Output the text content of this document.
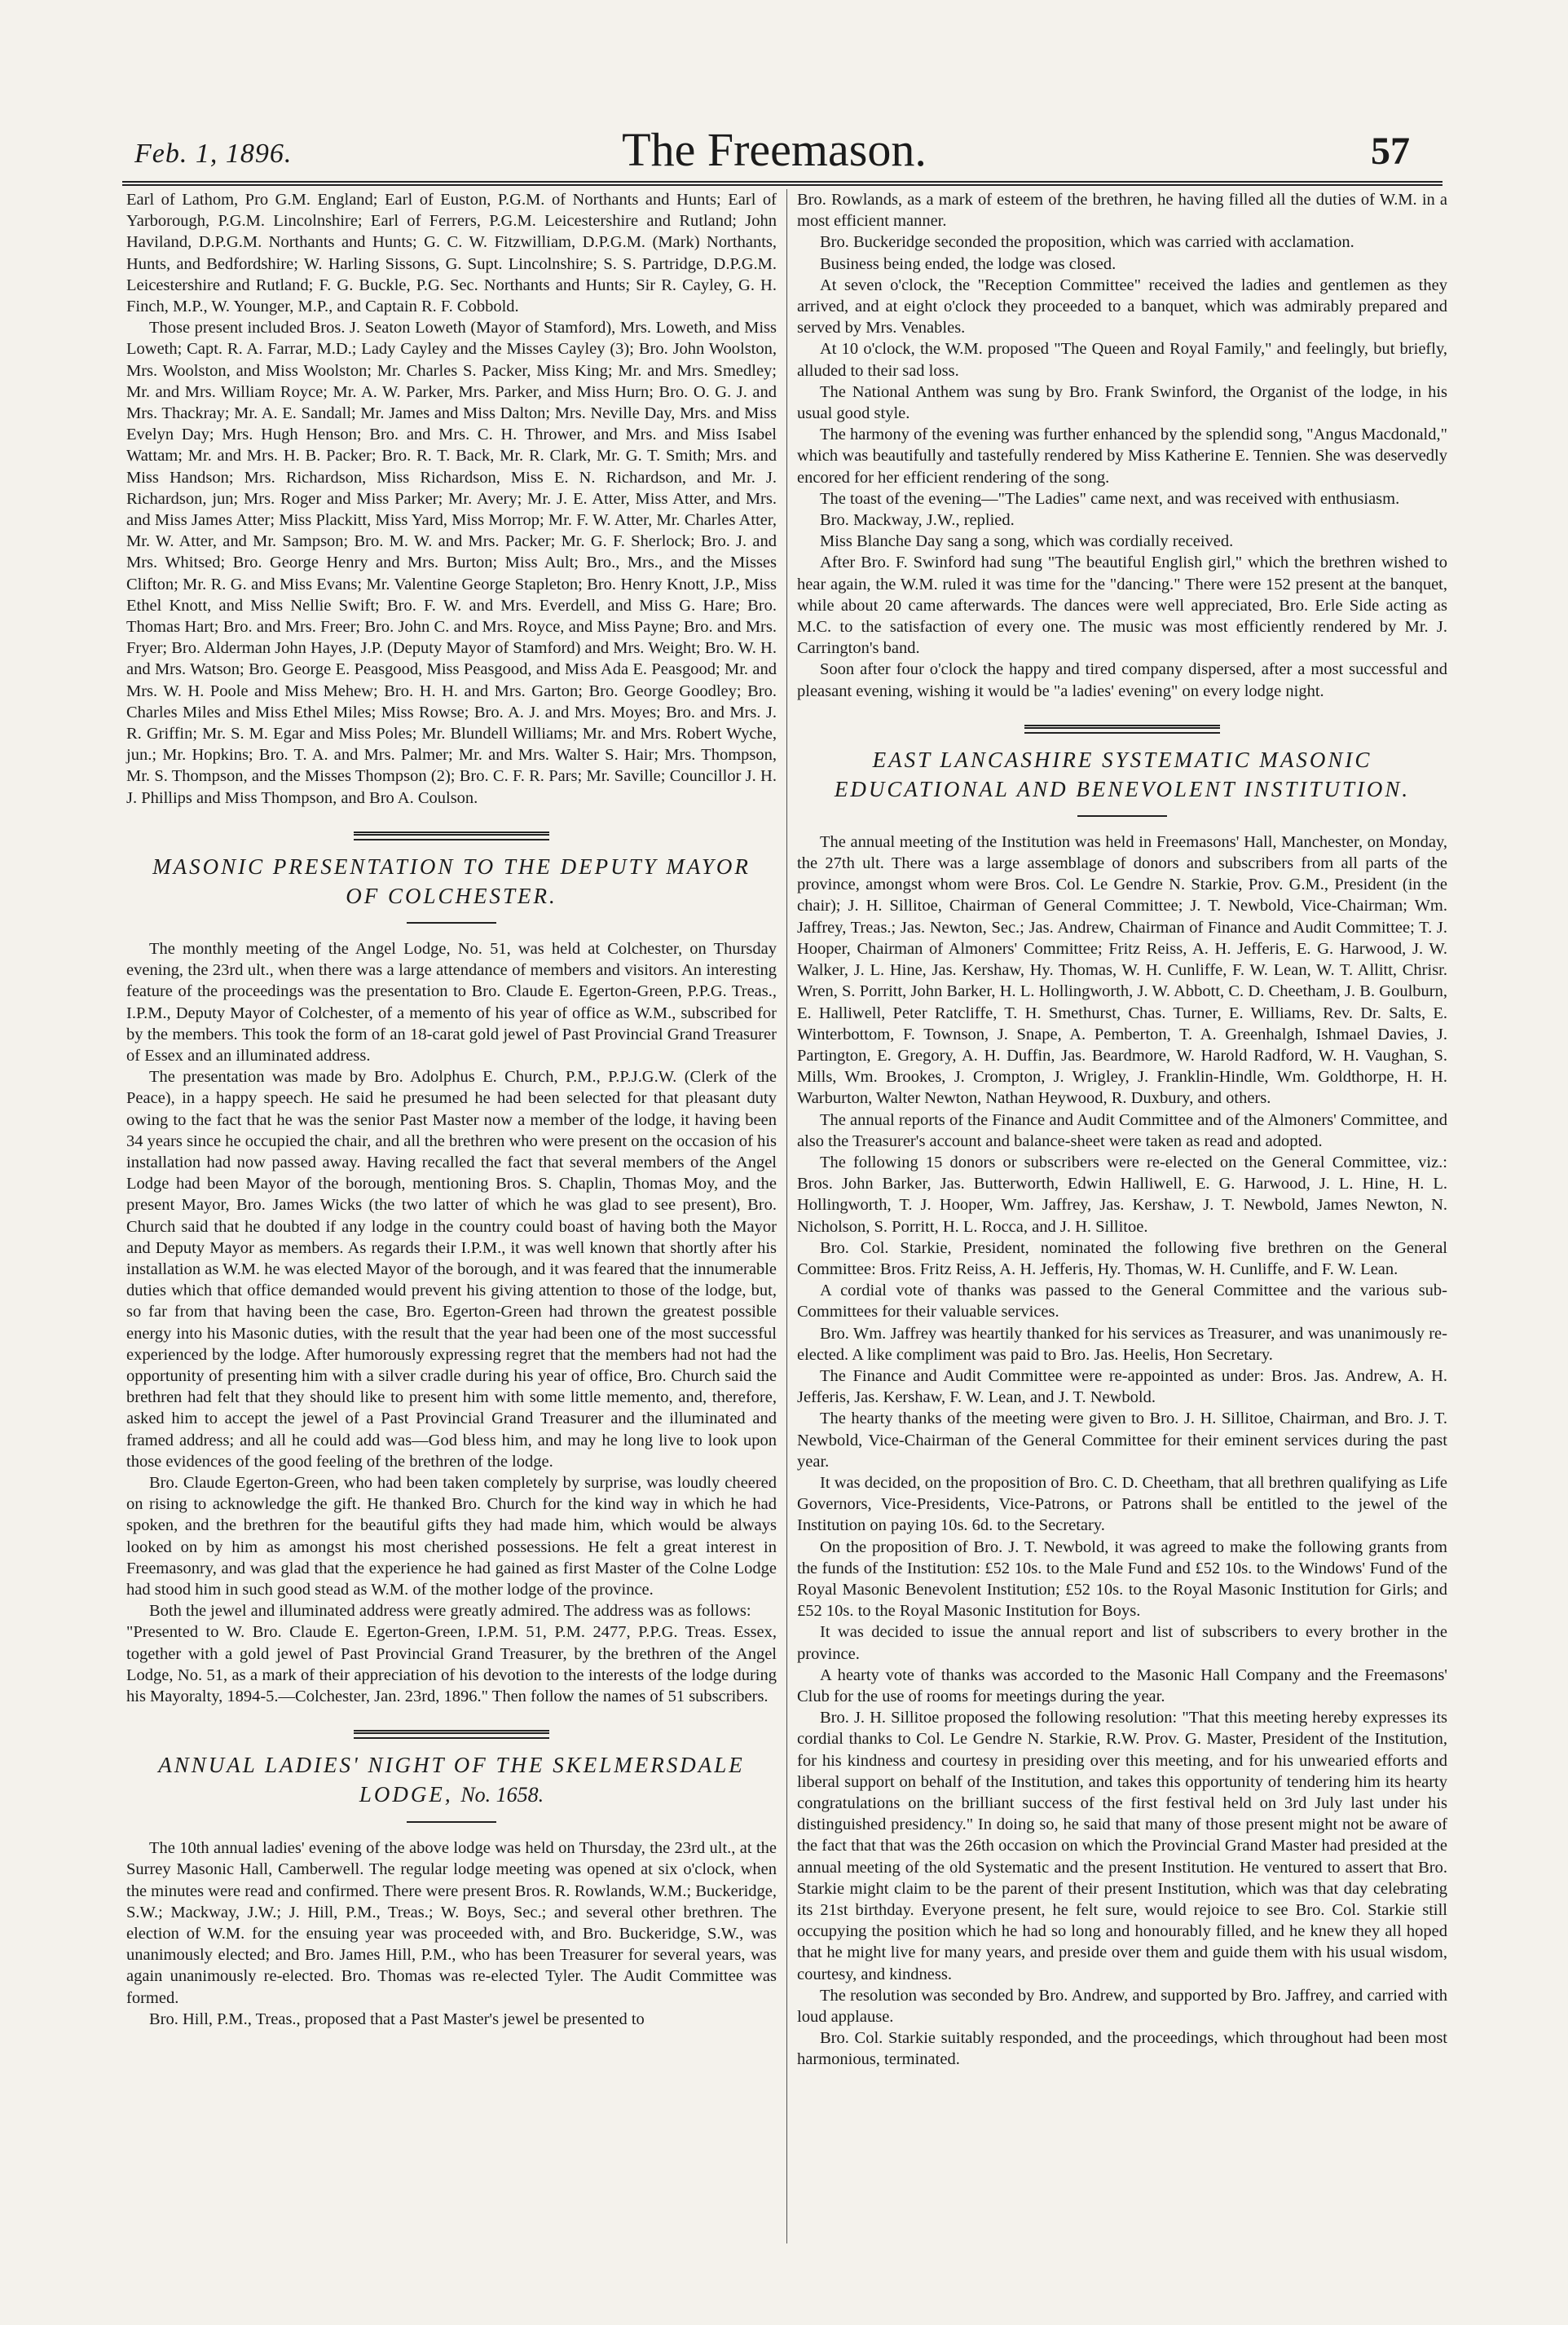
Feb. 1, 1896.	The Freemason.	57

Earl of Lathom, Pro G.M. England; Earl of Euston, P.G.M. of Northants and Hunts; Earl of Yarborough, P.G.M. Lincolnshire; Earl of Ferrers, P.G.M. Leicestershire and Rutland; John Haviland, D.P.G.M. Northants and Hunts; G. C. W. Fitzwilliam, D.P.G.M. (Mark) Northants, Hunts, and Bedfordshire; W. Harling Sissons, G. Supt. Lincolnshire; S. S. Partridge, D.P.G.M. Leicestershire and Rutland; F. G. Buckle, P.G. Sec. Northants and Hunts; Sir R. Cayley, G. H. Finch, M.P., W. Younger, M.P., and Captain R. F. Cobbold.

Those present included Bros. J. Seaton Loweth (Mayor of Stamford), Mrs. Loweth, and Miss Loweth; Capt. R. A. Farrar, M.D.; Lady Cayley and the Misses Cayley (3); Bro. John Woolston, Mrs. Woolston, and Miss Woolston; Mr. Charles S. Packer, Miss King; Mr. and Mrs. Smedley; Mr. and Mrs. William Royce; Mr. A. W. Parker, Mrs. Parker, and Miss Hurn; Bro. O. G. J. and Mrs. Thackray; Mr. A. E. Sandall; Mr. James and Miss Dalton; Mrs. Neville Day, Mrs. and Miss Evelyn Day; Mrs. Hugh Henson; Bro. and Mrs. C. H. Thrower, and Mrs. and Miss Isabel Wattam; Mr. and Mrs. H. B. Packer; Bro. R. T. Back, Mr. R. Clark, Mr. G. T. Smith; Mrs. and Miss Handson; Mrs. Richardson, Miss Richardson, Miss E. N. Richardson, and Mr. J. Richardson, jun; Mrs. Roger and Miss Parker; Mr. Avery; Mr. J. E. Atter, Miss Atter, and Mrs. and Miss James Atter; Miss Plackitt, Miss Yard, Miss Morrop; Mr. F. W. Atter, Mr. Charles Atter, Mr. W. Atter, and Mr. Sampson; Bro. M. W. and Mrs. Packer; Mr. G. F. Sherlock; Bro. J. and Mrs. Whitsed; Bro. George Henry and Mrs. Burton; Miss Ault; Bro., Mrs., and the Misses Clifton; Mr. R. G. and Miss Evans; Mr. Valentine George Stapleton; Bro. Henry Knott, J.P., Miss Ethel Knott, and Miss Nellie Swift; Bro. F. W. and Mrs. Everdell, and Miss G. Hare; Bro. Thomas Hart; Bro. and Mrs. Freer; Bro. John C. and Mrs. Royce, and Miss Payne; Bro. and Mrs. Fryer; Bro. Alderman John Hayes, J.P. (Deputy Mayor of Stamford) and Mrs. Weight; Bro. W. H. and Mrs. Watson; Bro. George E. Peasgood, Miss Peasgood, and Miss Ada E. Peasgood; Mr. and Mrs. W. H. Poole and Miss Mehew; Bro. H. H. and Mrs. Garton; Bro. George Goodley; Bro. Charles Miles and Miss Ethel Miles; Miss Rowse; Bro. A. J. and Mrs. Moyes; Bro. and Mrs. J. R. Griffin; Mr. S. M. Egar and Miss Poles; Mr. Blundell Williams; Mr. and Mrs. Robert Wyche, jun.; Mr. Hopkins; Bro. T. A. and Mrs. Palmer; Mr. and Mrs. Walter S. Hair; Mrs. Thompson, Mr. S. Thompson, and the Misses Thompson (2); Bro. C. F. R. Pars; Mr. Saville; Councillor J. H. J. Phillips and Miss Thompson, and Bro A. Coulson.

MASONIC PRESENTATION TO THE DEPUTY MAYOR OF COLCHESTER.

The monthly meeting of the Angel Lodge, No. 51, was held at Colchester, on Thursday evening, the 23rd ult., when there was a large attendance of members and visitors. An interesting feature of the proceedings was the presentation to Bro. Claude E. Egerton-Green, P.P.G. Treas., I.P.M., Deputy Mayor of Colchester, of a memento of his year of office as W.M., subscribed for by the members. This took the form of an 18-carat gold jewel of Past Provincial Grand Treasurer of Essex and an illuminated address.

The presentation was made by Bro. Adolphus E. Church, P.M., P.P.J.G.W. (Clerk of the Peace), in a happy speech. He said he presumed he had been selected for that pleasant duty owing to the fact that he was the senior Past Master now a member of the lodge, it having been 34 years since he occupied the chair, and all the brethren who were present on the occasion of his installation had now passed away. Having recalled the fact that several members of the Angel Lodge had been Mayor of the borough, mentioning Bros. S. Chaplin, Thomas Moy, and the present Mayor, Bro. James Wicks (the two latter of which he was glad to see present), Bro. Church said that he doubted if any lodge in the country could boast of having both the Mayor and Deputy Mayor as members. As regards their I.P.M., it was well known that shortly after his installation as W.M. he was elected Mayor of the borough, and it was feared that the innumerable duties which that office demanded would prevent his giving attention to those of the lodge, but, so far from that having been the case, Bro. Egerton-Green had thrown the greatest possible energy into his Masonic duties, with the result that the year had been one of the most successful experienced by the lodge. After humorously expressing regret that the members had not had the opportunity of presenting him with a silver cradle during his year of office, Bro. Church said the brethren had felt that they should like to present him with some little memento, and, therefore, asked him to accept the jewel of a Past Provincial Grand Treasurer and the illuminated and framed address; and all he could add was—God bless him, and may he long live to look upon those evidences of the good feeling of the brethren of the lodge.

Bro. Claude Egerton-Green, who had been taken completely by surprise, was loudly cheered on rising to acknowledge the gift. He thanked Bro. Church for the kind way in which he had spoken, and the brethren for the beautiful gifts they had made him, which would be always looked on by him as amongst his most cherished possessions. He felt a great interest in Freemasonry, and was glad that the experience he had gained as first Master of the Colne Lodge had stood him in such good stead as W.M. of the mother lodge of the province.

Both the jewel and illuminated address were greatly admired. The address was as follows:

"Presented to W. Bro. Claude E. Egerton-Green, I.P.M. 51, P.M. 2477, P.P.G. Treas. Essex, together with a gold jewel of Past Provincial Grand Treasurer, by the brethren of the Angel Lodge, No. 51, as a mark of their appreciation of his devotion to the interests of the lodge during his Mayoralty, 1894-5.—Colchester, Jan. 23rd, 1896." Then follow the names of 51 subscribers.

ANNUAL LADIES' NIGHT OF THE SKELMERSDALE LODGE, No. 1658.

The 10th annual ladies' evening of the above lodge was held on Thursday, the 23rd ult., at the Surrey Masonic Hall, Camberwell. The regular lodge meeting was opened at six o'clock, when the minutes were read and confirmed. There were present Bros. R. Rowlands, W.M.; Buckeridge, S.W.; Mackway, J.W.; J. Hill, P.M., Treas.; W. Boys, Sec.; and several other brethren. The election of W.M. for the ensuing year was proceeded with, and Bro. Buckeridge, S.W., was unanimously elected; and Bro. James Hill, P.M., who has been Treasurer for several years, was again unanimously re-elected. Bro. Thomas was re-elected Tyler. The Audit Committee was formed.

Bro. Hill, P.M., Treas., proposed that a Past Master's jewel be presented to

Bro. Rowlands, as a mark of esteem of the brethren, he having filled all the duties of W.M. in a most efficient manner.

Bro. Buckeridge seconded the proposition, which was carried with acclamation.

Business being ended, the lodge was closed.

At seven o'clock, the "Reception Committee" received the ladies and gentlemen as they arrived, and at eight o'clock they proceeded to a banquet, which was admirably prepared and served by Mrs. Venables.

At 10 o'clock, the W.M. proposed "The Queen and Royal Family," and feelingly, but briefly, alluded to their sad loss.

The National Anthem was sung by Bro. Frank Swinford, the Organist of the lodge, in his usual good style.

The harmony of the evening was further enhanced by the splendid song, "Angus Macdonald," which was beautifully and tastefully rendered by Miss Katherine E. Tennien. She was deservedly encored for her efficient rendering of the song.

The toast of the evening—"The Ladies" came next, and was received with enthusiasm.

Bro. Mackway, J.W., replied.

Miss Blanche Day sang a song, which was cordially received.

After Bro. F. Swinford had sung "The beautiful English girl," which the brethren wished to hear again, the W.M. ruled it was time for the "dancing." There were 152 present at the banquet, while about 20 came afterwards. The dances were well appreciated, Bro. Erle Side acting as M.C. to the satisfaction of every one. The music was most efficiently rendered by Mr. J. Carrington's band.

Soon after four o'clock the happy and tired company dispersed, after a most successful and pleasant evening, wishing it would be "a ladies' evening" on every lodge night.

EAST LANCASHIRE SYSTEMATIC MASONIC EDUCATIONAL AND BENEVOLENT INSTITUTION.

The annual meeting of the Institution was held in Freemasons' Hall, Manchester, on Monday, the 27th ult. There was a large assemblage of donors and subscribers from all parts of the province, amongst whom were Bros. Col. Le Gendre N. Starkie, Prov. G.M., President (in the chair); J. H. Sillitoe, Chairman of General Committee; J. T. Newbold, Vice-Chairman; Wm. Jaffrey, Treas.; Jas. Newton, Sec.; Jas. Andrew, Chairman of Finance and Audit Committee; T. J. Hooper, Chairman of Almoners' Committee; Fritz Reiss, A. H. Jefferis, E. G. Harwood, J. W. Walker, J. L. Hine, Jas. Kershaw, Hy. Thomas, W. H. Cunliffe, F. W. Lean, W. T. Allitt, Chrisr. Wren, S. Porritt, John Barker, H. L. Hollingworth, J. W. Abbott, C. D. Cheetham, J. B. Goulburn, E. Halliwell, Peter Ratcliffe, T. H. Smethurst, Chas. Turner, E. Williams, Rev. Dr. Salts, E. Winterbottom, F. Townson, J. Snape, A. Pemberton, T. A. Greenhalgh, Ishmael Davies, J. Partington, E. Gregory, A. H. Duffin, Jas. Beardmore, W. Harold Radford, W. H. Vaughan, S. Mills, Wm. Brookes, J. Crompton, J. Wrigley, J. Franklin-Hindle, Wm. Goldthorpe, H. H. Warburton, Walter Newton, Nathan Heywood, R. Duxbury, and others.

The annual reports of the Finance and Audit Committee and of the Almoners' Committee, and also the Treasurer's account and balance-sheet were taken as read and adopted.

The following 15 donors or subscribers were re-elected on the General Committee, viz.: Bros. John Barker, Jas. Butterworth, Edwin Halliwell, E. G. Harwood, J. L. Hine, H. L. Hollingworth, T. J. Hooper, Wm. Jaffrey, Jas. Kershaw, J. T. Newbold, James Newton, N. Nicholson, S. Porritt, H. L. Rocca, and J. H. Sillitoe.

Bro. Col. Starkie, President, nominated the following five brethren on the General Committee: Bros. Fritz Reiss, A. H. Jefferis, Hy. Thomas, W. H. Cunliffe, and F. W. Lean.

A cordial vote of thanks was passed to the General Committee and the various sub-Committees for their valuable services.

Bro. Wm. Jaffrey was heartily thanked for his services as Treasurer, and was unanimously re-elected. A like compliment was paid to Bro. Jas. Heelis, Hon Secretary.

The Finance and Audit Committee were re-appointed as under: Bros. Jas. Andrew, A. H. Jefferis, Jas. Kershaw, F. W. Lean, and J. T. Newbold.

The hearty thanks of the meeting were given to Bro. J. H. Sillitoe, Chairman, and Bro. J. T. Newbold, Vice-Chairman of the General Committee for their eminent services during the past year.

It was decided, on the proposition of Bro. C. D. Cheetham, that all brethren qualifying as Life Governors, Vice-Presidents, Vice-Patrons, or Patrons shall be entitled to the jewel of the Institution on paying 10s. 6d. to the Secretary.

On the proposition of Bro. J. T. Newbold, it was agreed to make the following grants from the funds of the Institution: £52 10s. to the Male Fund and £52 10s. to the Windows' Fund of the Royal Masonic Benevolent Institution; £52 10s. to the Royal Masonic Institution for Girls; and £52 10s. to the Royal Masonic Institution for Boys.

It was decided to issue the annual report and list of subscribers to every brother in the province.

A hearty vote of thanks was accorded to the Masonic Hall Company and the Freemasons' Club for the use of rooms for meetings during the year.

Bro. J. H. Sillitoe proposed the following resolution: "That this meeting hereby expresses its cordial thanks to Col. Le Gendre N. Starkie, R.W. Prov. G. Master, President of the Institution, for his kindness and courtesy in presiding over this meeting, and for his unwearied efforts and liberal support on behalf of the Institution, and takes this opportunity of tendering him its hearty congratulations on the brilliant success of the first festival held on 3rd July last under his distinguished presidency." In doing so, he said that many of those present might not be aware of the fact that that was the 26th occasion on which the Provincial Grand Master had presided at the annual meeting of the old Systematic and the present Institution. He ventured to assert that Bro. Starkie might claim to be the parent of their present Institution, which was that day celebrating its 21st birthday. Everyone present, he felt sure, would rejoice to see Bro. Col. Starkie still occupying the position which he had so long and honourably filled, and he knew they all hoped that he might live for many years, and preside over them and guide them with his usual wisdom, courtesy, and kindness.

The resolution was seconded by Bro. Andrew, and supported by Bro. Jaffrey, and carried with loud applause.

Bro. Col. Starkie suitably responded, and the proceedings, which throughout had been most harmonious, terminated.
